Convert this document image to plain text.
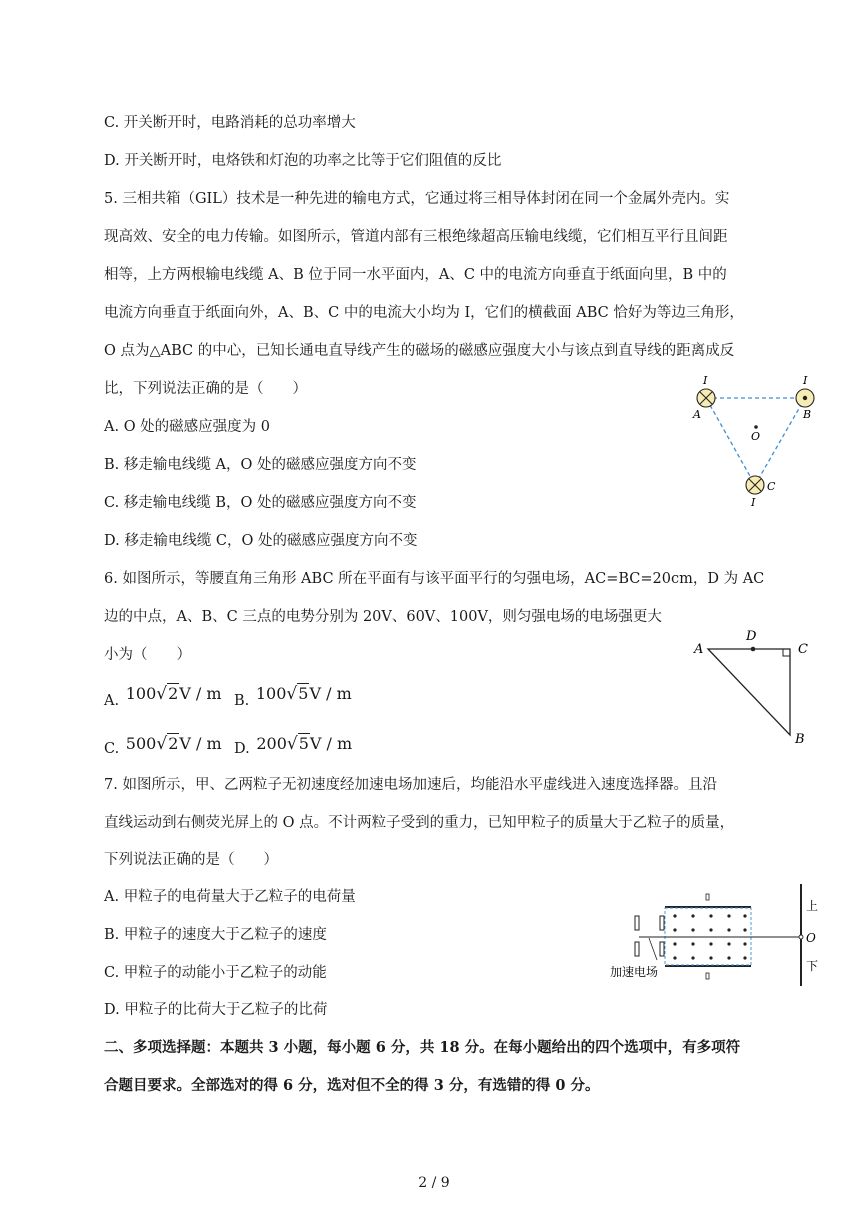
C. 开关断开时，电路消耗的总功率增大
D. 开关断开时，电烙铁和灯泡的功率之比等于它们阻值的反比
5. 三相共箱（GIL）技术是一种先进的输电方式，它通过将三相导体封闭在同一个金属外壳内。实
现高效、安全的电力传输。如图所示，管道内部有三根绝缘超高压输电线缆，它们相互平行且间距
相等，上方两根输电线缆 A、B 位于同一水平面内，A、C 中的电流方向垂直于纸面向里，B 中的
电流方向垂直于纸面向外，A、B、C 中的电流大小均为 I，它们的横截面 ABC 恰好为等边三角形，
O 点为△ABC 的中心，已知长通电直导线产生的磁场的磁感应强度大小与该点到直导线的距离成反
比，下列说法正确的是（　　）
A. O 处的磁感应强度为 0
B. 移走输电线缆 A，O 处的磁感应强度方向不变
C. 移走输电线缆 B，O 处的磁感应强度方向不变
D. 移走输电线缆 C，O 处的磁感应强度方向不变
I	I
I
A	B
C
O
6. 如图所示，等腰直角三角形 ABC 所在平面有与该平面平行的匀强电场，AC=BC=20cm，D 为 AC
边的中点，A、B、C 三点的电势分别为 20V、60V、100V，则匀强电场的电场强更大
小为（　　）
A. 100√2V / m B. 100√5V / m
C. 500√2V / m D. 200√5V / m
A
D
C
B
7. 如图所示，甲、乙两粒子无初速度经加速电场加速后，均能沿水平虚线进入速度选择器。且沿
直线运动到右侧荧光屏上的 O 点。不计两粒子受到的重力，已知甲粒子的质量大于乙粒子的质量，
下列说法正确的是（　　）
A. 甲粒子的电荷量大于乙粒子的电荷量
B. 甲粒子的速度大于乙粒子的速度
C. 甲粒子的动能小于乙粒子的动能
D. 甲粒子的比荷大于乙粒子的比荷
上
O
下
加速电场
二、多项选择题：本题共 3 小题，每小题 6 分，共 18 分。在每小题给出的四个选项中，有多项符
合题目要求。全部选对的得 6 分，选对但不全的得 3 分，有选错的得 0 分。
2 / 9
